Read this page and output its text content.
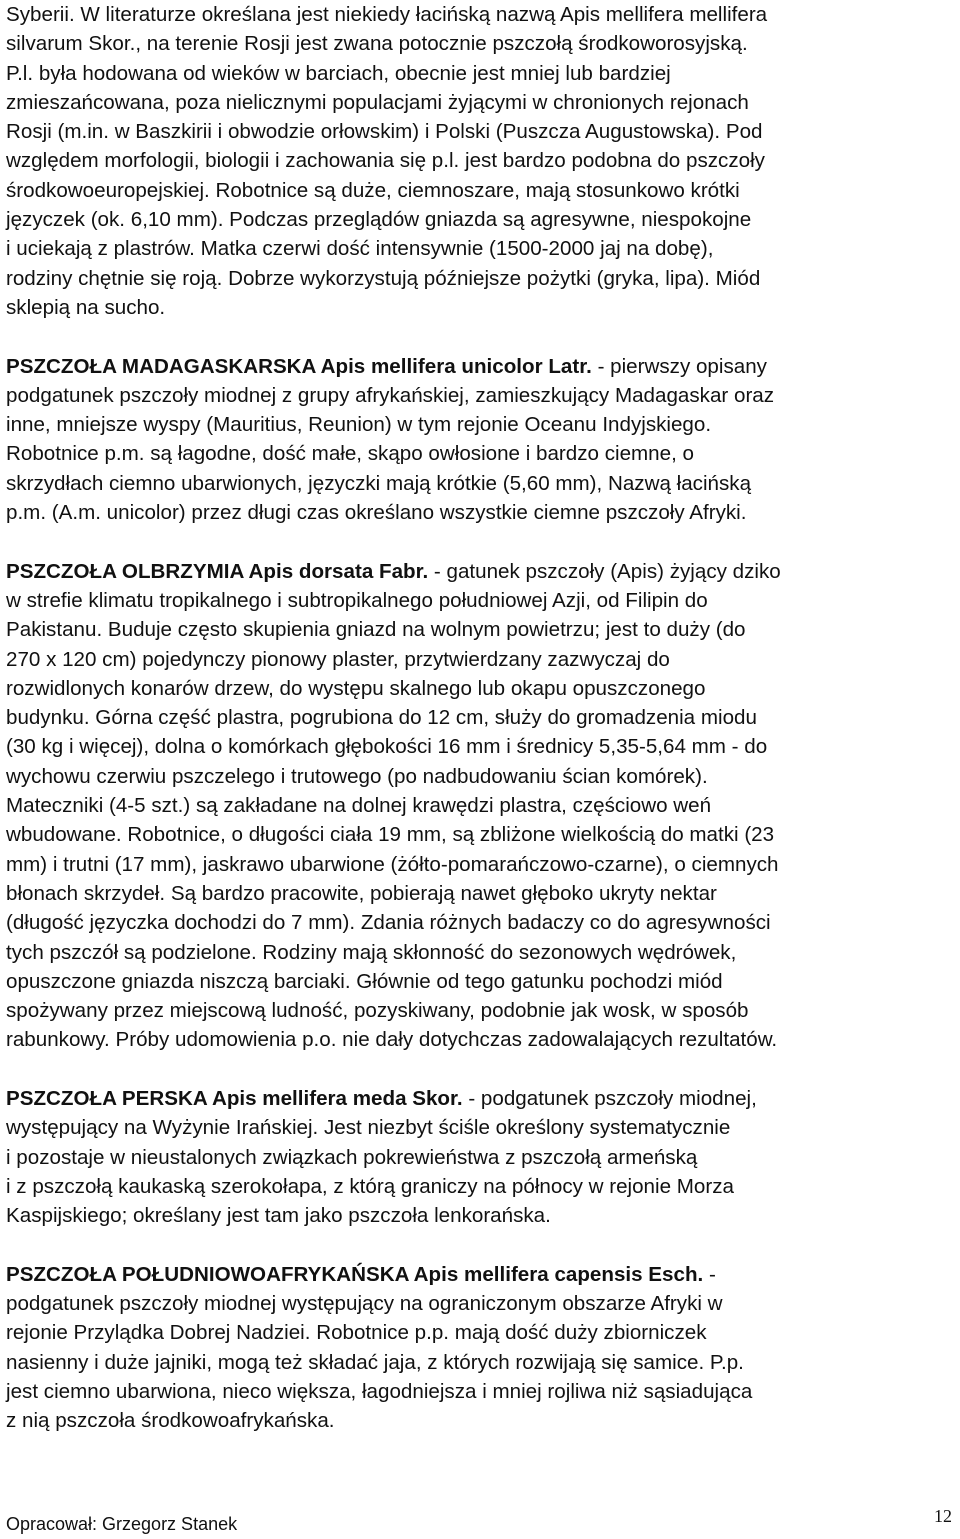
Syberii. W literaturze określana jest niekiedy łacińską nazwą Apis mellifera mellifera
silvarum Skor., na terenie Rosji jest zwana potocznie pszczołą środkoworosyjską.
P.l. była hodowana od wieków w barciach, obecnie jest mniej lub bardziej
zmieszańcowana, poza nielicznymi populacjami żyjącymi w chronionych rejonach
Rosji (m.in. w Baszkirii i obwodzie orłowskim) i Polski (Puszcza Augustowska). Pod
względem morfologii, biologii i zachowania się p.l. jest bardzo podobna do pszczoły
środkowoeuropejskiej. Robotnice są duże, ciemnoszare, mają stosunkowo krótki
języczek (ok. 6,10 mm). Podczas przeglądów gniazda są agresywne, niespokojne
i uciekają z plastrów. Matka czerwi dość intensywnie (1500-2000 jaj na dobę),
rodziny chętnie się roją. Dobrze wykorzystują późniejsze pożytki (gryka, lipa). Miód
sklepią na sucho.

PSZCZOŁA MADAGASKARSKA Apis mellifera unicolor Latr. - pierwszy opisany
podgatunek pszczoły miodnej z grupy afrykańskiej, zamieszkujący Madagaskar oraz
inne, mniejsze wyspy (Mauritius, Reunion) w tym rejonie Oceanu Indyjskiego.
Robotnice p.m. są łagodne, dość małe, skąpo owłosione i bardzo ciemne, o
skrzydłach ciemno ubarwionych, języczki mają krótkie (5,60 mm), Nazwą łacińską
p.m. (A.m. unicolor) przez długi czas określano wszystkie ciemne pszczoły Afryki.

PSZCZOŁA OLBRZYMIA Apis dorsata Fabr. - gatunek pszczoły (Apis) żyjący dziko
w strefie klimatu tropikalnego i subtropikalnego południowej Azji, od Filipin do
Pakistanu. Buduje często skupienia gniazd na wolnym powietrzu; jest to duży (do
270 x 120 cm) pojedynczy pionowy plaster, przytwierdzany zazwyczaj do
rozwidlonych konarów drzew, do występu skalnego lub okapu opuszczonego
budynku. Górna część plastra, pogrubiona do 12 cm, służy do gromadzenia miodu
(30 kg i więcej), dolna o komórkach głębokości 16 mm i średnicy 5,35-5,64 mm - do
wychowu czerwiu pszczelego i trutowego (po nadbudowaniu ścian komórek).
Mateczniki (4-5 szt.) są zakładane na dolnej krawędzi plastra, częściowo weń
wbudowane. Robotnice, o długości ciała 19 mm, są zbliżone wielkością do matki (23
mm) i trutni (17 mm), jaskrawo ubarwione (żółto-pomarańczowo-czarne), o ciemnych
błonach skrzydeł. Są bardzo pracowite, pobierają nawet głęboko ukryty nektar
(długość języczka dochodzi do 7 mm). Zdania różnych badaczy co do agresywności
tych pszczół są podzielone. Rodziny mają skłonność do sezonowych wędrówek,
opuszczone gniazda niszczą barciaki. Głównie od tego gatunku pochodzi miód
spożywany przez miejscową ludność, pozyskiwany, podobnie jak wosk, w sposób
rabunkowy. Próby udomowienia p.o. nie dały dotychczas zadowalających rezultatów.

PSZCZOŁA PERSKA Apis mellifera meda Skor. - podgatunek pszczoły miodnej,
występujący na Wyżynie Irańskiej. Jest niezbyt ściśle określony systematycznie
i pozostaje w nieustalonych związkach pokrewieństwa z pszczołą armeńską
i z pszczołą kaukaską szerokołapa, z którą graniczy na północy w rejonie Morza
Kaspijskiego; określany jest tam jako pszczoła lenkorańska.

PSZCZOŁA POŁUDNIOWOAFRYKAŃSKA Apis mellifera capensis Esch. -
podgatunek pszczoły miodnej występujący na ograniczonym obszarze Afryki w
rejonie Przylądka Dobrej Nadziei. Robotnice p.p. mają dość duży zbiorniczek
nasienny i duże jajniki, mogą też składać jaja, z których rozwijają się samice. P.p.
jest ciemno ubarwiona, nieco większa, łagodniejsza i mniej rojliwa niż sąsiadująca
z nią pszczoła środkowoafrykańska.

Opracował: Grzegorz Stanek	12
